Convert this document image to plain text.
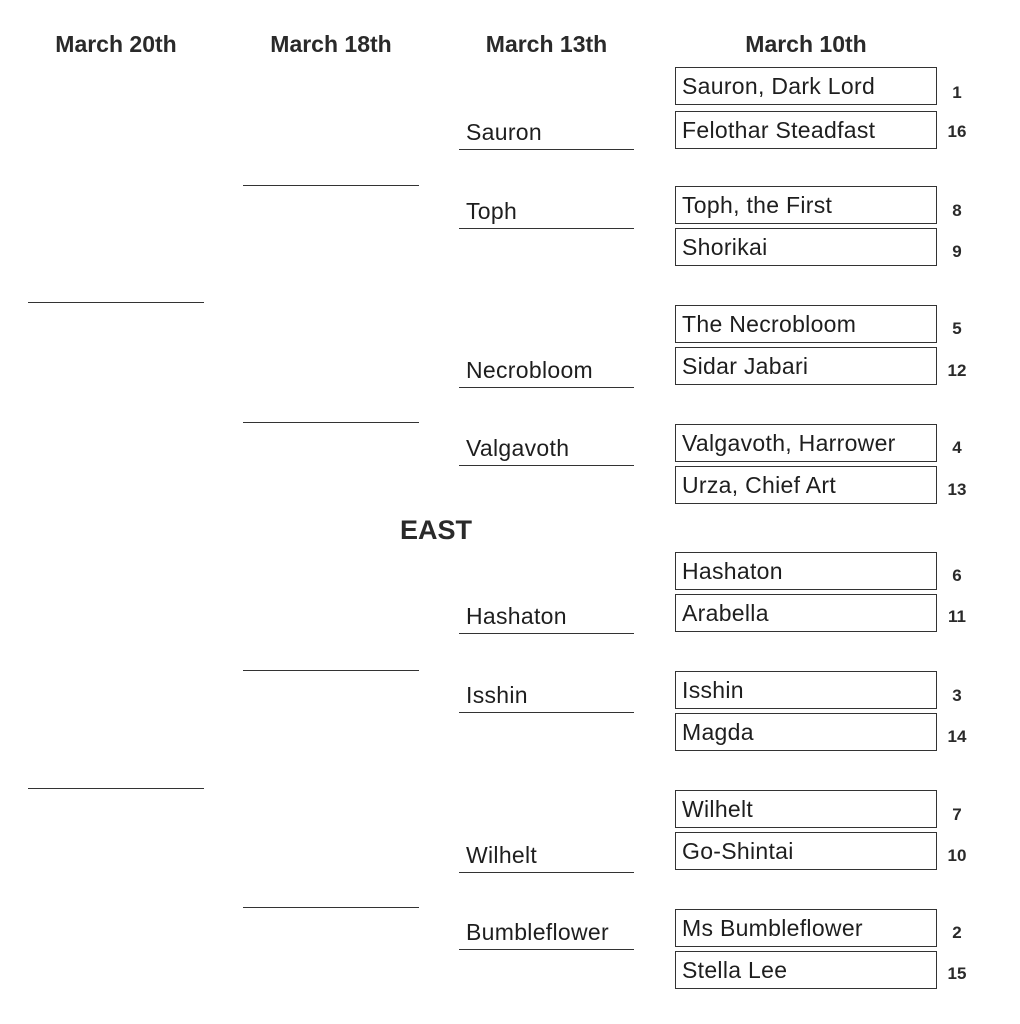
March 20th	March 18th	March 13th	March 10th
Sauron
Toph
Necrobloom
Valgavoth
Hashaton
Isshin
Wilhelt
Bumbleflower
EAST
Sauron, Dark Lord	1
Felothar Steadfast	16
Toph, the First	8
Shorikai	9
The Necrobloom	5
Sidar Jabari	12
Valgavoth, Harrower	4
Urza, Chief Art	13
Hashaton	6
Arabella	11
Isshin	3
Magda	14
Wilhelt	7
Go-Shintai	10
Ms Bumbleflower	2
Stella Lee	15
